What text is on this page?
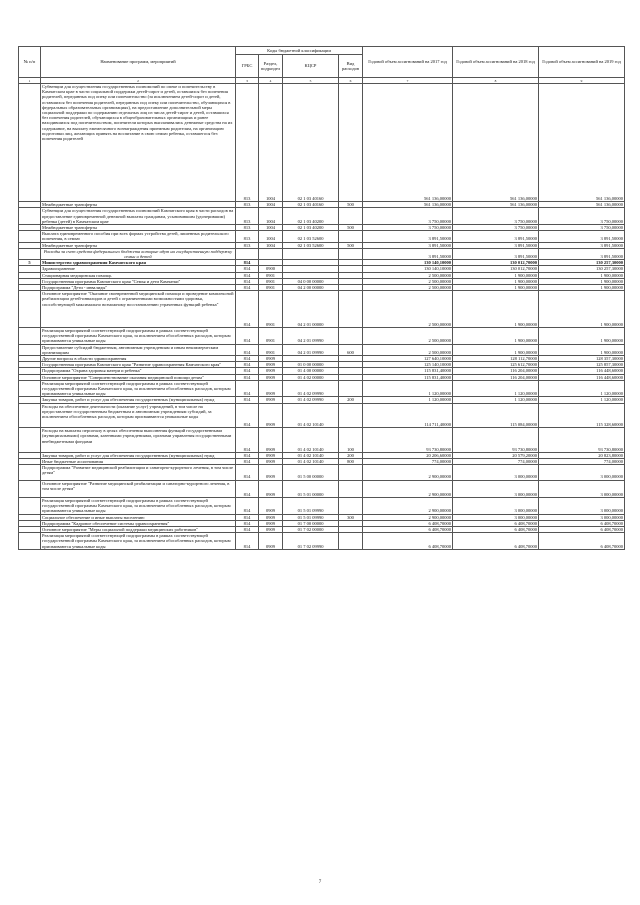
№ п/п	Наименование программ, мероприятий	Коды бюджетной классификации				Годовой объем ассигнований на 2017 год	Годовой объем ассигнований на 2018 год	Годовой объем ассигнований на 2019 год
		ГРБС	Раздел, подраздел	КЦСР	Вид расходов			
1	2	3	4	5	6	7	8	9
	Субвенции для осуществления государственных полномочий по опеке и попечительству в Камчатском крае в части социальной поддержки детей-сирот и детей, оставшихся без попечения родителей, переданных под опеку или попечительство (за исключением детей-сирот и детей, оставшихся без попечения родителей, переданных под опеку или попечительство, обучающихся в федеральных образовательных организациях), на предоставление дополнительной меры социальной поддержки по содержанию отдельных лиц из числа детей-сирот и детей, оставшихся без попечения родителей, обучающихся в общеобразовательных организациях и ранее находившихся под попечительством, попечители которых выплачивались денежные средства на их содержание, на выплату ежемесячного вознаграждения приемным родителям, на организацию подготовки лиц, желающих принять на воспитание в свою семью ребенка, оставшегося без попечения родителей	813	1004	02 1 03 40160		561 136,00000	561 136,00000	561 136,00000
	Межбюджетные трансферты	813	1004	02 1 03 40160	500	561 136,00000	561 136,00000	561 136,00000
	Субвенции для осуществления государственных полномочий Камчатского края в части расходов на предоставление единовременной денежной выплаты гражданам, усыновившим (удочерившим) ребенка (детей) в Камчатском крае	813	1004	02 1 03 40200		3 750,00000	3 750,00000	3 750,00000
	Межбюджетные трансферты	813	1004	02 1 03 40200	500	3 750,00000	3 750,00000	3 750,00000
	Выплата единовременного пособия при всех формах устройства детей, лишенных родительского попечения, в семью	813	1004	02 1 03 52600		3 891,50000	3 891,50000	3 891,50000
	Межбюджетные трансферты	813	1004	02 1 03 52600	500	3 891,50000	3 891,50000	3 891,50000
	Расходы за счет средств федерального бюджета которые идут на государственную поддержку семьи и детей					3 891,50000	3 891,50000	3 891,50000
5	Министерство здравоохранения Камчатского края	814				130 140,10000	130 012,70000	130 257,30000
	Здравоохранение	814	0900			130 140,10000	130 012,70000	130 257,30000
	Стационарная медицинская помощь	814	0901			2 500,00000	1 900,00000	1 900,00000
	Государственная программа Камчатского края "Семья и дети Камчатки"	814	0901	04 0 00 00000		2 500,00000	1 900,00000	1 900,00000
	Подпрограмма "Дети - инвалиды"	814	0901	04 2 00 00000		2 500,00000	1 900,00000	1 900,00000
	Основное мероприятие "Оказание своевременной медицинской помощи и проведение комплексной реабилитации детей-инвалидов и детей с ограниченными возможностями здоровья, способствующей максимально возможному восстановлению утраченных функций ребенка"	814	0901	04 2 01 00000		2 500,00000	1 900,00000	1 900,00000
	Реализация мероприятий соответствующей подпрограммы в рамках соответствующей государственной программы Камчатского края, за исключением обособленных расходов, которым присваиваются уникальные коды	814	0901	04 2 01 09990		2 500,00000	1 900,00000	1 900,00000
	Предоставление субсидий бюджетным, автономным учреждениям и иным некоммерческим организациям	814	0901	04 2 01 09990	600	2 500,00000	1 900,00000	1 900,00000
	Другие вопросы в области здравоохранения	814	0909			127 640,10000	128 112,70000	128 357,30000
	Государственная программа Камчатского края "Развитие здравоохранения Камчатского края"	814	0909	01 0 00 00000		125 140,10000	125 612,70000	125 857,30000
	Подпрограмма "Охрана здоровья матери и ребенка"	814	0909	01 4 00 00000		115 831,40000	116 204,00000	116 448,60000
	Основное мероприятие "Совершенствование оказания медицинской помощи детям"	814	0909	01 4 02 00000		115 831,40000	116 204,00000	116 448,60000
	Реализация мероприятий соответствующей подпрограммы в рамках соответствующей государственной программы Камчатского края, за исключением обособленных расходов, которым присваиваются уникальные коды	814	0909	01 4 02 09990		1 120,00000	1 120,00000	1 120,00000
	Закупка товаров, работ и услуг для обеспечения государственных (муниципальных) нужд	814	0909	01 4 02 09990	200	1 120,00000	1 120,00000	1 120,00000
	Расходы на обеспечение деятельности (оказание услуг) учреждений, в том числе на предоставление государственным бюджетным и автономным учреждениям субсидий, за исключением обособленных расходов, которым присваиваются уникальные коды	814	0909	01 4 02 10140		114 711,40000	115 084,00000	115 328,60000
	Расходы на выплаты персоналу в целях обеспечения выполнения функций государственными (муниципальными) органами, казенными учреждениями, органами управления государственными внебюджетными фондами	814	0909	01 4 02 10140	100	93 730,80000	93 730,80000	93 730,80000
	Закупка товаров, работ и услуг для обеспечения государственных (муниципальных) нужд	814	0909	01 4 02 10140	200	20 206,60000	20 579,20000	20 823,80000
	Иные бюджетные ассигнования	814	0909	01 4 02 10140	800	774,00000	774,00000	774,00000
	Подпрограмма "Развитие медицинской реабилитации и санаторно-курортного лечения, в том числе детям"	814	0909	01 5 00 00000		2 900,00000	3 000,00000	3 000,00000
	Основное мероприятие "Развитие медицинской реабилитации и санаторно-курортного лечения, в том числе детям"	814	0909	01 5 01 00000		2 900,00000	3 000,00000	3 000,00000
	Реализация мероприятий соответствующей подпрограммы в рамках соответствующей государственной программы Камчатского края, за исключением обособленных расходов, которым присваиваются уникальные коды	814	0909	01 5 01 09990		2 900,00000	3 000,00000	3 000,00000
	Социальное обеспечение и иные выплаты населению	814	0909	01 5 01 09990	300	2 900,00000	3 000,00000	3 000,00000
	Подпрограмма "Кадровое обеспечение системы здравоохранения"	814	0909	01 7 00 00000		6 408,70000	6 408,70000	6 408,70000
	Основное мероприятие "Меры социальной поддержки медицинских работников"	814	0909	01 7 02 00000		6 408,70000	6 408,70000	6 408,70000
	Реализация мероприятий соответствующей подпрограммы в рамках соответствующей государственной программы Камчатского края, за исключением обособленных расходов, которым присваиваются уникальные коды	814	0909	01 7 02 09990		6 408,70000	6 408,70000	6 408,70000
7
